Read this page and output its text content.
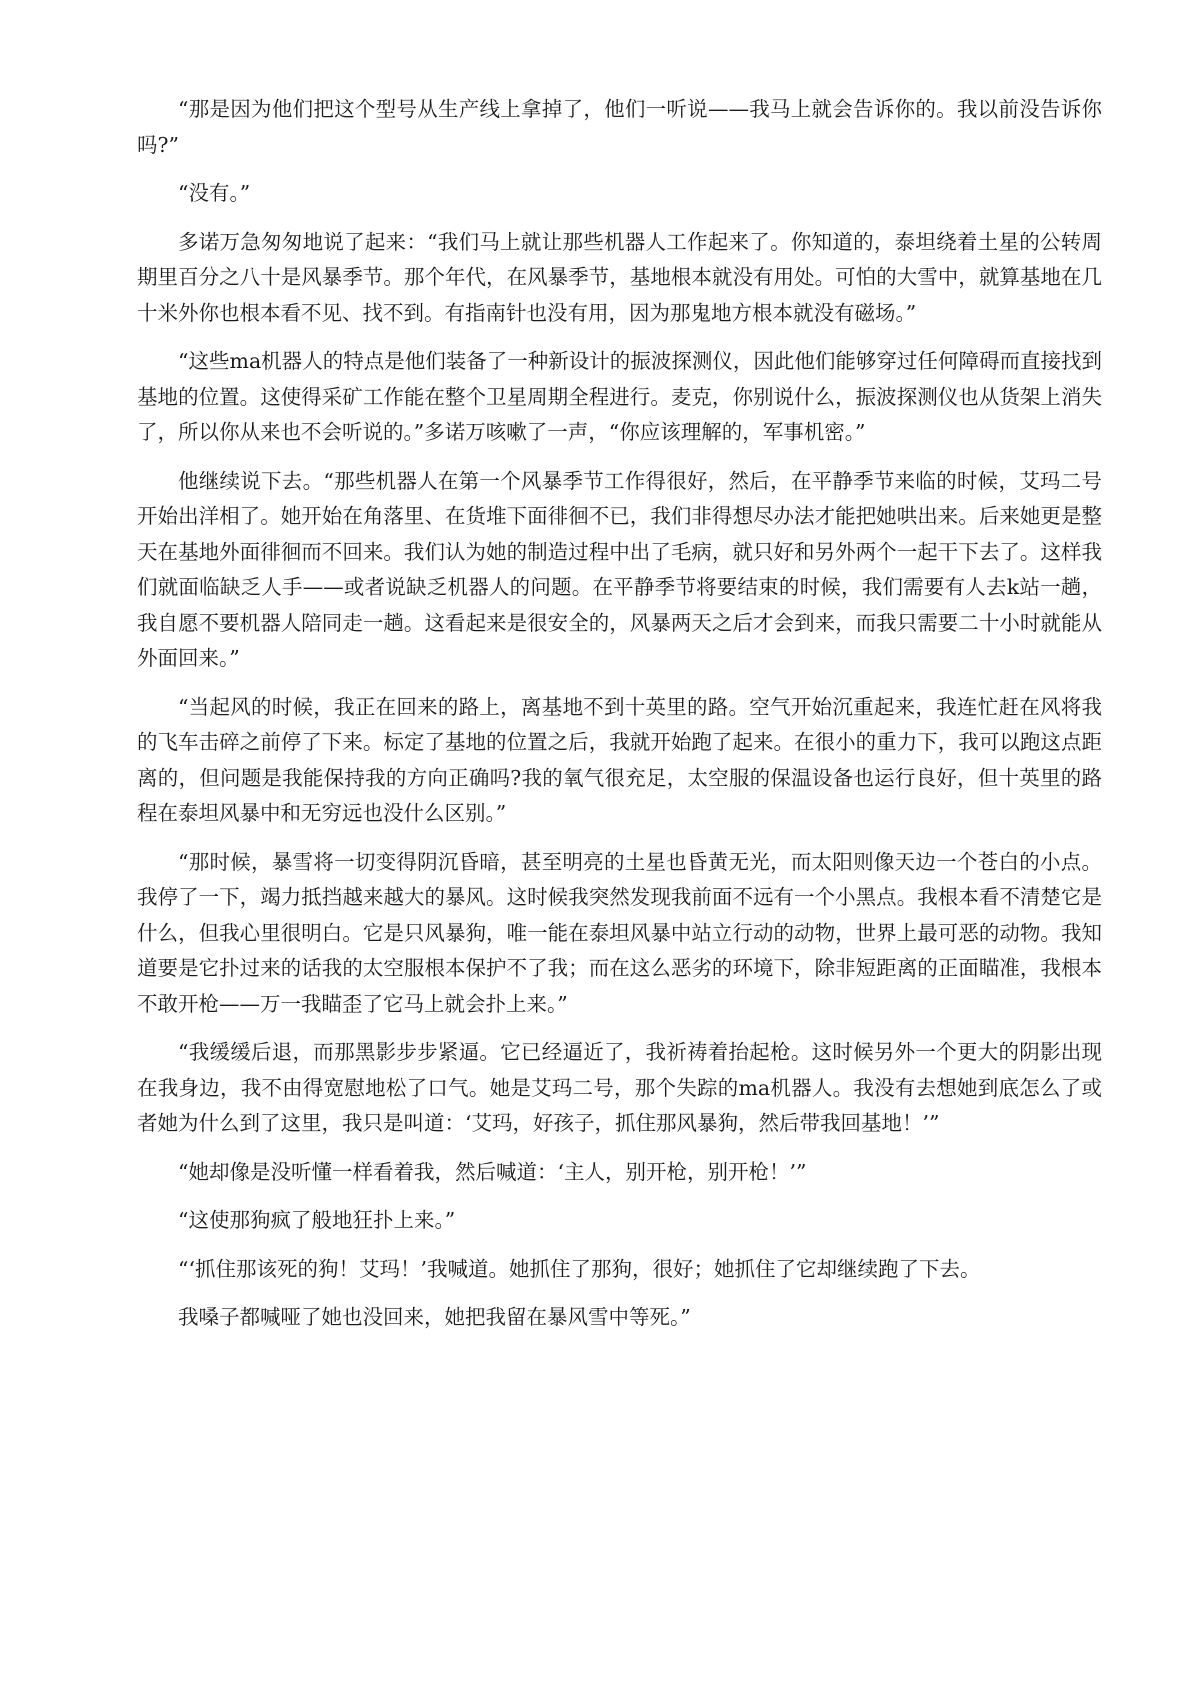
“那是因为他们把这个型号从生产线上拿掉了，他们一听说——我马上就会告诉你的。我以前没告诉你吗?”

“没有。”

多诺万急匆匆地说了起来：“我们马上就让那些机器人工作起来了。你知道的，泰坦绕着土星的公转周期里百分之八十是风暴季节。那个年代，在风暴季节，基地根本就没有用处。可怕的大雪中，就算基地在几十米外你也根本看不见、找不到。有指南针也没有用，因为那鬼地方根本就没有磁场。”

“这些ma机器人的特点是他们装备了一种新设计的振波探测仪，因此他们能够穿过任何障碍而直接找到基地的位置。这使得采矿工作能在整个卫星周期全程进行。麦克，你别说什么，振波探测仪也从货架上消失了，所以你从来也不会听说的。”多诺万咳嗽了一声，“你应该理解的，军事机密。”

他继续说下去。“那些机器人在第一个风暴季节工作得很好，然后，在平静季节来临的时候，艾玛二号开始出洋相了。她开始在角落里、在货堆下面徘徊不已，我们非得想尽办法才能把她哄出来。后来她更是整天在基地外面徘徊而不回来。我们认为她的制造过程中出了毛病，就只好和另外两个一起干下去了。这样我们就面临缺乏人手——或者说缺乏机器人的问题。在平静季节将要结束的时候，我们需要有人去k站一趟，我自愿不要机器人陪同走一趟。这看起来是很安全的，风暴两天之后才会到来，而我只需要二十小时就能从外面回来。”

“当起风的时候，我正在回来的路上，离基地不到十英里的路。空气开始沉重起来，我连忙赶在风将我的飞车击碎之前停了下来。标定了基地的位置之后，我就开始跑了起来。在很小的重力下，我可以跑这点距离的，但问题是我能保持我的方向正确吗?我的氧气很充足，太空服的保温设备也运行良好，但十英里的路程在泰坦风暴中和无穷远也没什么区别。”

“那时候，暴雪将一切变得阴沉昏暗，甚至明亮的土星也昏黄无光，而太阳则像天边一个苍白的小点。我停了一下，竭力抵挡越来越大的暴风。这时候我突然发现我前面不远有一个小黑点。我根本看不清楚它是什么，但我心里很明白。它是只风暴狗，唯一能在泰坦风暴中站立行动的动物，世界上最可恶的动物。我知道要是它扑过来的话我的太空服根本保护不了我；而在这么恶劣的环境下，除非短距离的正面瞄准，我根本不敢开枪——万一我瞄歪了它马上就会扑上来。”

“我缓缓后退，而那黑影步步紧逼。它已经逼近了，我祈祷着抬起枪。这时候另外一个更大的阴影出现在我身边，我不由得宽慰地松了口气。她是艾玛二号，那个失踪的ma机器人。我没有去想她到底怎么了或者她为什么到了这里，我只是叫道：‘艾玛，好孩子，抓住那风暴狗，然后带我回基地！’”

“她却像是没听懂一样看着我，然后喊道：‘主人，别开枪，别开枪！’”

“这使那狗疯了般地狂扑上来。”

“‘抓住那该死的狗！艾玛！’我喊道。她抓住了那狗，很好；她抓住了它却继续跑了下去。

我嗓子都喊哑了她也没回来，她把我留在暴风雪中等死。”
